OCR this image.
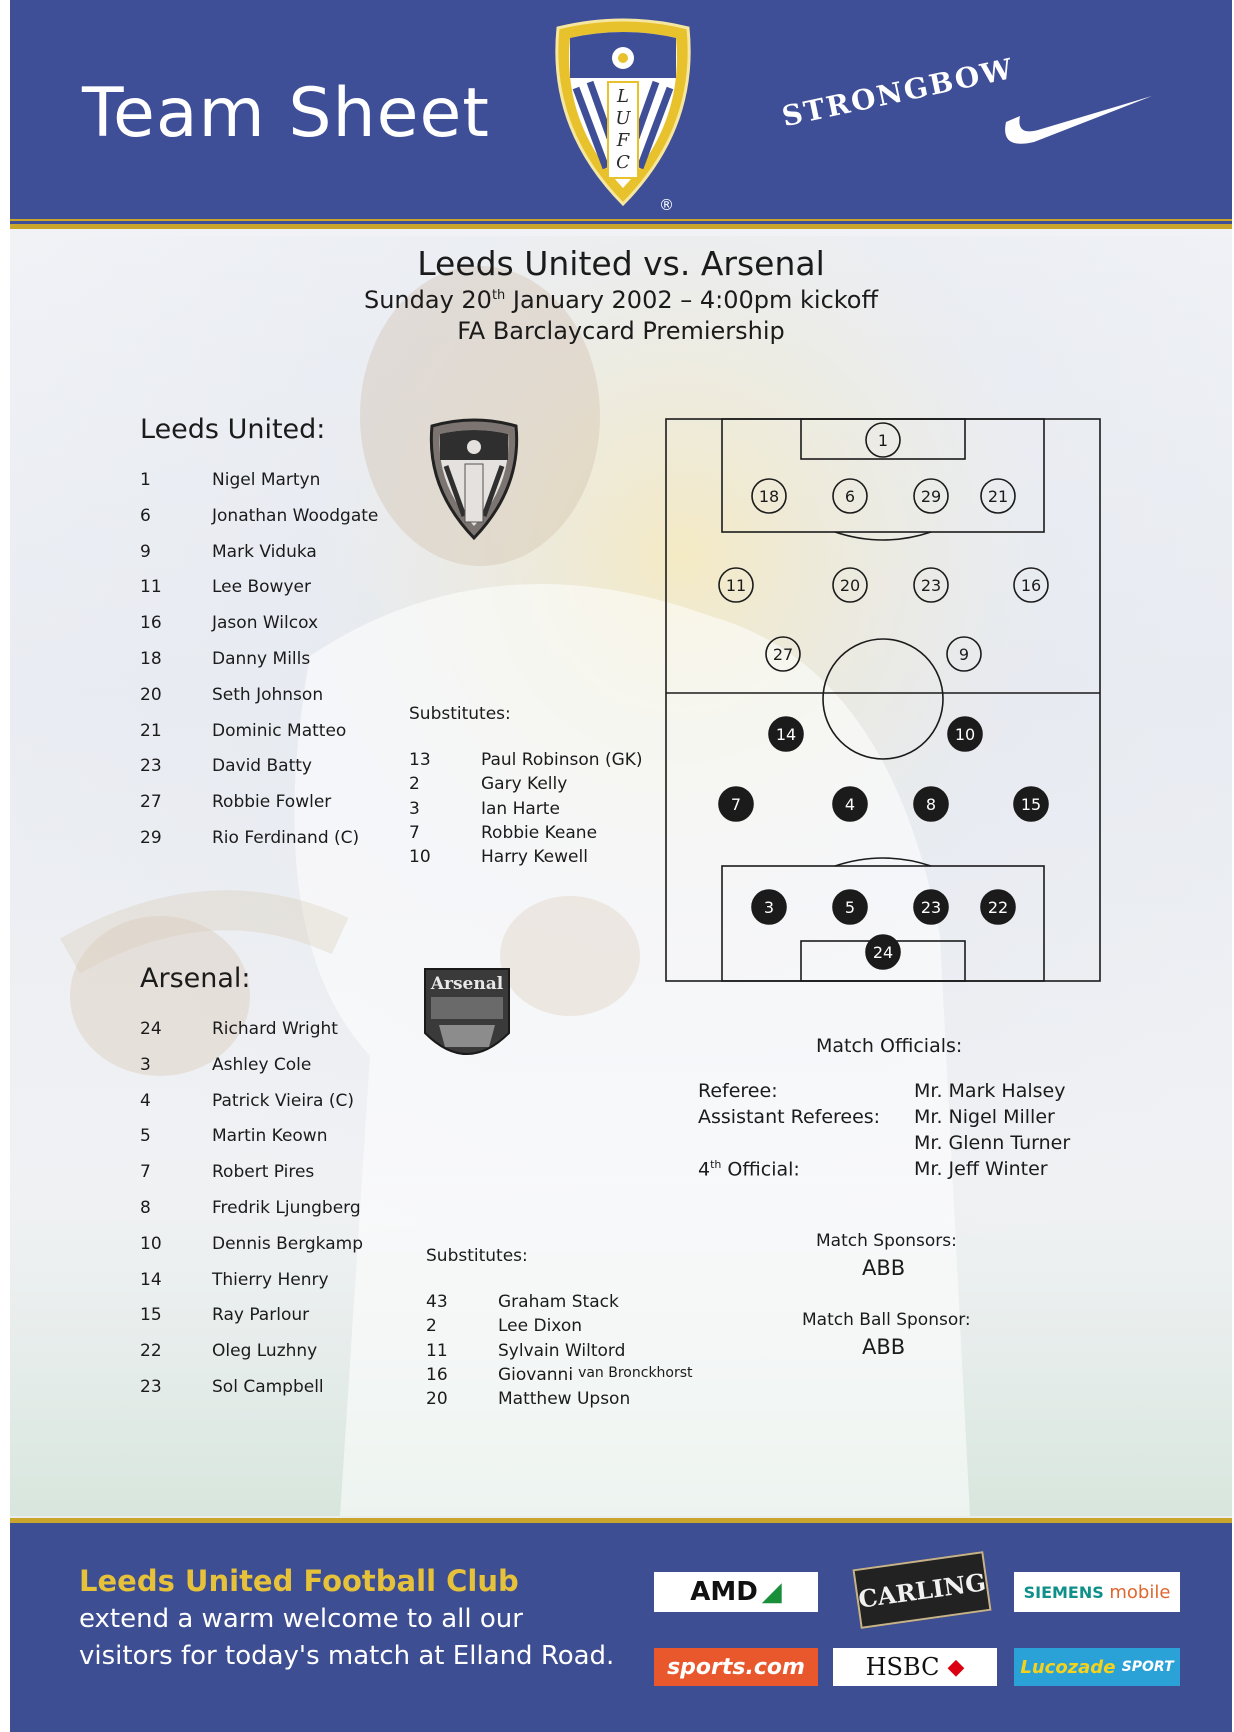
Team Sheet	L
U
F
C
®
STRONGBOW
Leeds United vs. Arsenal
Sunday 20th January 2002 – 4:00pm kickoff
FA Barclaycard Premiership
Leeds United:
1	Nigel Martyn
6	Jonathan Woodgate
9	Mark Viduka
11	Lee Bowyer
16	Jason Wilcox
18	Danny Mills
20	Seth Johnson
21	Dominic Matteo
23	David Batty
27	Robbie Fowler
29	Rio Ferdinand (C)
Substitutes:
13	Paul Robinson (GK)
2	Gary Kelly
3	Ian Harte
7	Robbie Keane
10	Harry Kewell
Arsenal:	Arsenal
24	Richard Wright
3	Ashley Cole
4	Patrick Vieira (C)
5	Martin Keown
7	Robert Pires
8	Fredrik Ljungberg
10	Dennis Bergkamp
14	Thierry Henry
15	Ray Parlour
22	Oleg Luzhny
23	Sol Campbell
Substitutes:
43	Graham Stack
2	Lee Dixon
11	Sylvain Wiltord
16	Giovanni van Bronckhorst
20	Matthew Upson
1
18	6	29	21
11	20	23	16
27	9
14	10
7	4	8	15
3	5	23	22
24
Match Officials:
Referee:	Mr. Mark Halsey
Assistant Referees: Mr. Nigel Miller
Mr. Glenn Turner
4th Official:	Mr. Jeff Winter
Match Sponsors:
ABB
Match Ball Sponsor:
ABB
Leeds United Football Club
extend a warm welcome to all our
visitors for today's match at Elland Road.
AMD ◢	CARLING SIEMENS
mobile
sports.com	HSBC ◆	Lucozade
SPORT
